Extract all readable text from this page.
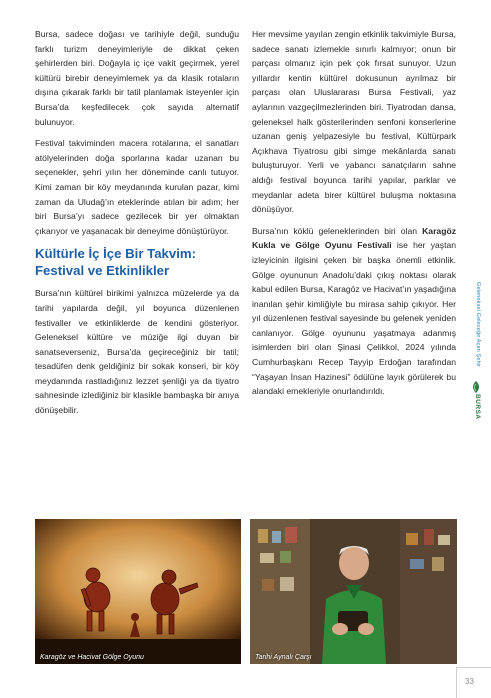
Bursa, sadece doğası ve tarihiyle değil, sunduğu farklı turizm deneyimleriyle de dikkat çeken şehirlerden biri. Doğayla iç içe vakit geçirmek, yerel kültürü birebir deneyimlemek ya da klasik rotaların dışına çıkarak farklı bir tatil planlamak isteyenler için Bursa’da keşfedilecek çok sayıda alternatif bulunuyor.

Festival takviminden macera rotalarına, el sanatları atölyelerinden doğa sporlarına kadar uzanan bu seçenekler, şehri yılın her döneminde canlı tutuyor. Kimi zaman bir köy meydanında kurulan pazar, kimi zaman da Uludağ’ın eteklerinde atılan bir adım; her biri Bursa’yı sadece gezilecek bir yer olmaktan çıkarıyor ve yaşanacak bir deneyime dönüştürüyor.

Kültürle İç İçe Bir Takvim: Festival ve Etkinlikler

Bursa’nın kültürel birikimi yalnızca müzelerde ya da tarihi yapılarda değil, yıl boyunca düzenlenen festivaller ve etkinliklerde de kendini gösteriyor. Geleneksel kültüre ve müziğe ilgi duyan bir sanatseverseniz, Bursa’da geçireceğiniz bir tatil; tesadüfen denk geldiğiniz bir sokak konseri, bir köy meydanında rastladığınız lezzet şenliği ya da tiyatro sahnesinde izlediğiniz bir klasikle bambaşka bir anıya dönüşebilir.

Her mevsime yayılan zengin etkinlik takvimiyle Bursa, sadece sanatı izlemekle sınırlı kalmıyor; onun bir parçası olmanız için pek çok fırsat sunuyor. Uzun yıllardır kentin kültürel dokusunun ayrılmaz bir parçası olan Uluslararası Bursa Festivali, yaz aylarının vazgeçilmezlerinden biri. Tiyatrodan dansa, geleneksel halk gösterilerinden senfoni konserlerine uzanan geniş yelpazesiyle bu festival, Kültürpark Açıkhava Tiyatrosu gibi simge mekânlarda sanatı buluşturuyor. Yerli ve yabancı sanatçıların sahne aldığı festival boyunca tarihi yapılar, parklar ve meydanlar adeta birer kültürel buluşma noktasına dönüşüyor.

Bursa’nın köklü geleneklerinden biri olan Karagöz Kukla ve Gölge Oyunu Festivali ise her yaştan izleyicinin ilgisini çeken bir başka önemli etkinlik. Gölge oyununun Anadolu’daki çıkış noktası olarak kabul edilen Bursa, Karagöz ve Hacivat’ın yaşadığına inanılan şehir kimliğiyle bu mirasa sahip çıkıyor. Her yıl düzenlenen festival sayesinde bu gelenek yeniden canlanıyor. Gölge oyununu yaşatmaya adanmış isimlerden biri olan Şinasi Çelikkol, 2024 yılında Cumhurbaşkanı Recep Tayyip Erdoğan tarafından “Yaşayan İnsan Hazinesi” ödülüne layık görülerek bu alandaki emekleriyle onurlandırıldı.

Karagöz ve Hacivat Gölge Oyunu	Tarihi Aynalı Çarşı
Geleneksel Geleceğe Açan Şehir
BURSA
33
